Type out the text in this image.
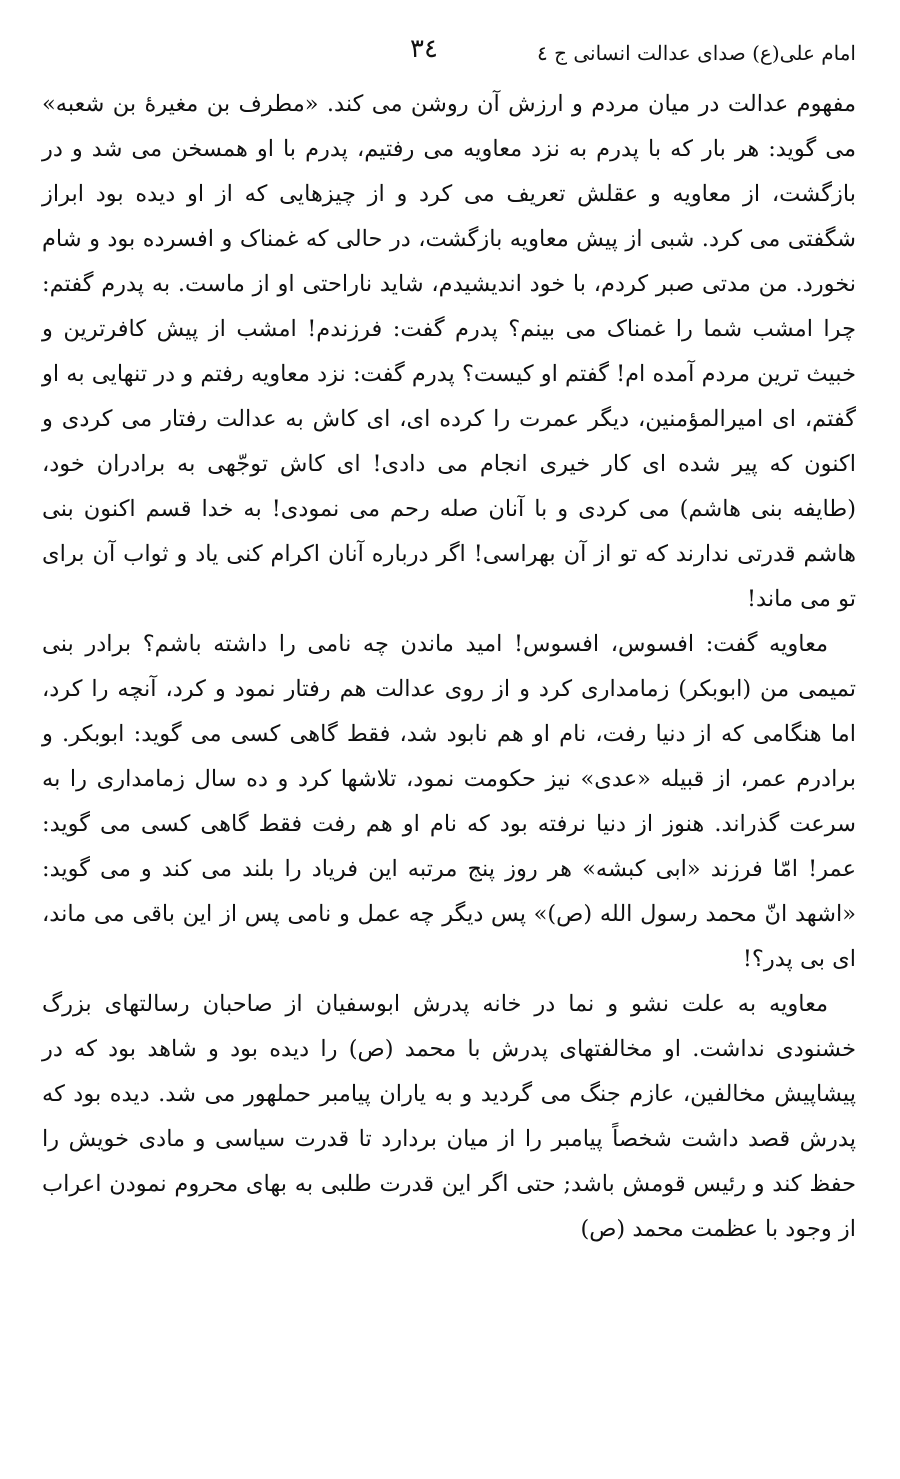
امام علی(ع) صدای عدالت انسانی ج ٤
٣٤

مفهوم عدالت در میان مردم و ارزش آن روشن می کند. «مطرف بن مغیرهٔ بن شعبه» می گوید: هر بار که با پدرم به نزد معاویه می رفتیم، پدرم با او همسخن می شد و در بازگشت، از معاویه و عقلش تعریف می کرد و از چیزهایی که از او دیده بود ابراز شگفتی می کرد. شبی از پیش معاویه بازگشت، در حالی که غمناک و افسرده بود و شام نخورد. من مدتی صبر کردم، با خود اندیشیدم، شاید ناراحتی او از ماست. به پدرم گفتم: چرا امشب شما را غمناک می بینم؟ پدرم گفت: فرزندم! امشب از پیش کافرترین و خبیث ترین مردم آمده ام! گفتم او کیست؟ پدرم گفت: نزد معاویه رفتم و در تنهایی به او گفتم، ای امیرالمؤمنین، دیگر عمرت را کرده ای، ای کاش به عدالت رفتار می کردی و اکنون که پیر شده ای کار خیری انجام می دادی! ای کاش توجّهی به برادران خود، (طایفه بنی هاشم) می کردی و با آنان صله رحم می نمودی! به خدا قسم اکنون بنی هاشم قدرتی ندارند که تو از آن بهراسی! اگر درباره آنان اکرام کنی یاد و ثواب آن برای تو می ماند!

معاویه گفت: افسوس، افسوس! امید ماندن چه نامی را داشته باشم؟ برادر بنی تمیمی من (ابوبکر) زمامداری کرد و از روی عدالت هم رفتار نمود و کرد، آنچه را کرد، اما هنگامی که از دنیا رفت، نام او هم نابود شد، فقط گاهی کسی می گوید: ابوبکر. و برادرم عمر، از قبیله «عدی» نیز حکومت نمود، تلاشها کرد و ده سال زمامداری را به سرعت گذراند. هنوز از دنیا نرفته بود که نام او هم رفت فقط گاهی کسی می گوید: عمر! امّا فرزند «ابی کبشه» هر روز پنج مرتبه این فریاد را بلند می کند و می گوید: «اشهد انّ محمد رسول الله (ص)» پس دیگر چه عمل و نامی پس از این باقی می ماند، ای بی پدر؟!

معاویه به علت نشو و نما در خانه پدرش ابوسفیان از صاحبان رسالتهای بزرگ خشنودی نداشت. او مخالفتهای پدرش با محمد (ص) را دیده بود و شاهد بود که در پیشاپیش مخالفین، عازم جنگ می گردید و به یاران پیامبر حملهور می شد. دیده بود که پدرش قصد داشت شخصاً پیامبر را از میان بردارد تا قدرت سیاسی و مادی خویش را حفظ کند و رئیس قومش باشد; حتی اگر این قدرت طلبی به بهای محروم نمودن اعراب از وجود با عظمت محمد (ص)
